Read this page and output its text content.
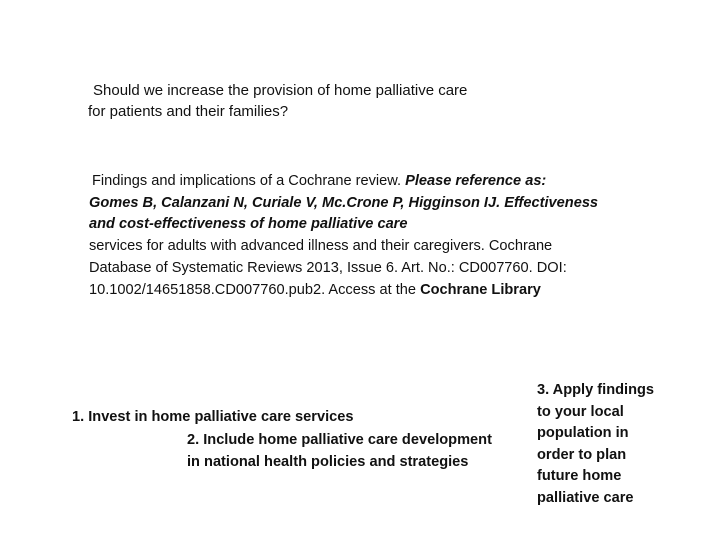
Should we increase the provision of home palliative care
for patients and their families?
Findings and implications of a Cochrane review. Please reference as:
Gomes B, Calanzani N, Curiale V, Mc.Crone P, Higginson IJ. Effectiveness
and cost-effectiveness of home palliative care
services for adults with advanced illness and their caregivers. Cochrane
Database of Systematic Reviews 2013, Issue 6. Art. No.: CD007760. DOI:
10.1002/14651858.CD007760.pub2. Access at the Cochrane Library
1. Invest in home palliative care services
2. Include home palliative care development
in national health policies and strategies
3. Apply findings
to your local
population in
order to plan
future home
palliative care
